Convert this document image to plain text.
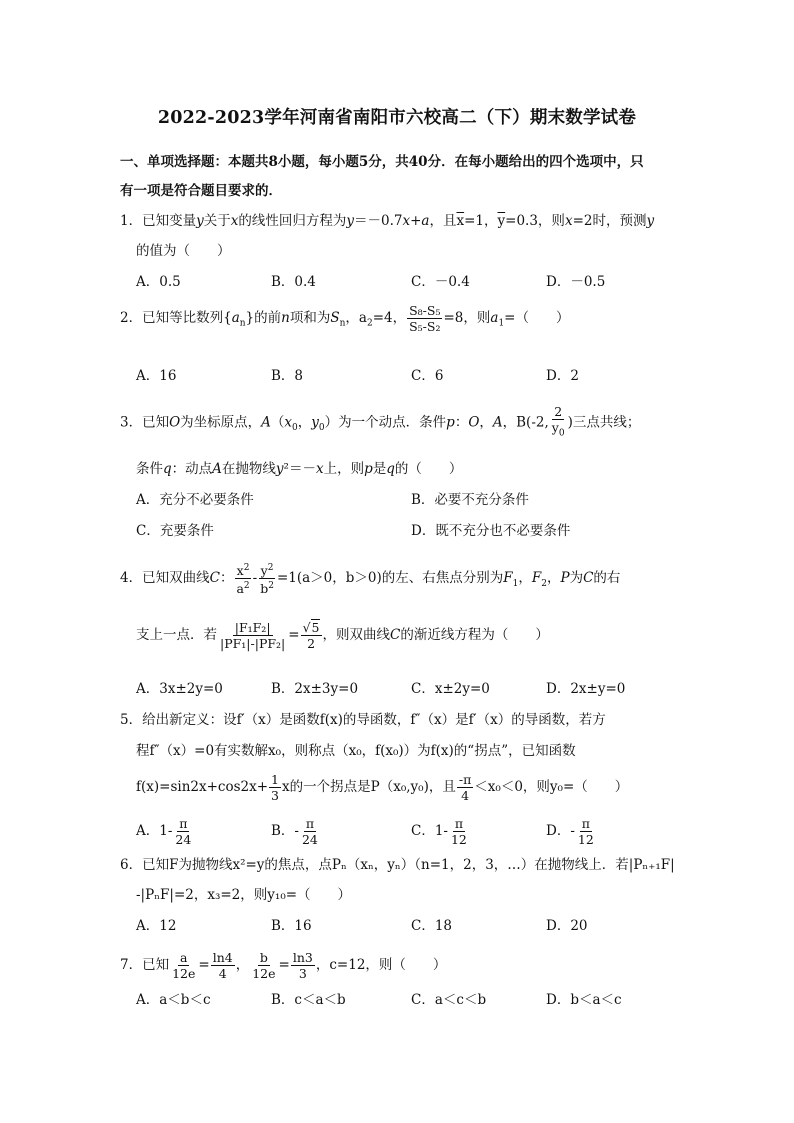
2022-2023学年河南省南阳市六校高二（下）期末数学试卷
一、单项选择题：本题共8小题，每小题5分，共40分．在每小题给出的四个选项中，只
有一项是符合题目要求的．
1．已知变量y关于x的线性回归方程为y＝－0.7x+a，且$\overline{x}=1$，$\overline{y}=0.3$，则x=2时，预测y
的值为（　　）
A．0.5	B．0.4	C．－0.4	D．－0.5
2．已知等比数列$\{a_n\}$的前n项和为$S_n$，$a_2=4$， $\frac{\text{S₈-S₅}}{\text{S₅-S₂}} =8$，则$a_1=$（　　）
A．16	B．8	C．6	D．2
3．已知O为坐标原点，$A(x_0$，$y_0$）为一个动点．条件p：O，A，B(-2, $\frac{2}{y_0}$ )三点共线；
条件q：动点A在抛物线y²＝－x上，则p是q的（　　）
A．充分不必要条件	B．必要不充分条件
C．充要条件	D．既不充分也不必要条件
4．已知双曲线C： $\frac{x^2}{a^2} - \frac{y^2}{b^2} =1(a>0$，b＞0)的左、右焦点分别为$F_1$，$F_2$，P为C的右
支上一点．若 $\frac{\text{|F₁F₂|}}{\text{|PF₁|-|PF₂|}} = \frac{√5}{2}$ ，则双曲线C的渐近线方程为（　　）
A．3x±2y=0	B．2x±3y=0	C．x±2y=0	D．2x±y=0
5．给出新定义：设f′（x）是函数f(x)的导函数，f″（x）是f′（x）的导函数，若方
程f″（x）=0有实数解x₀，则称点（x₀，f(x₀)）为f(x)的“拐点”，已知函数
$f(x)=\sin 2x+\cos 2x+ \frac{1}{3}$ x的一个拐点是P（x₀,y₀)，且 $\frac{-\pi}{4} <x_0<0$，则y₀=（　　）
A．$1- \frac{\pi}{24}$	B．- $\frac{\pi}{24}$	C．$1- \frac{\pi}{12}$	D．- $\frac{\pi}{12}$
6．已知F为抛物线x²=y的焦点，点Pₙ（xₙ，yₙ）（n=1，2，3，…）在抛物线上．若|Pₙ₊₁F|
-|PₙF|=2，x₃=2，则y₁₀=（　　）
A．12	B．16	C．18	D．20
7．已知 $\frac{a}{12e} = \frac{\ln 4}{4}$ ， $\frac{b}{12e} = \frac{\ln 3}{3}$ ，c=12，则（　　）
A．a＜b＜c	B．c＜a＜b	C．a＜c＜b	D．b＜a＜c
